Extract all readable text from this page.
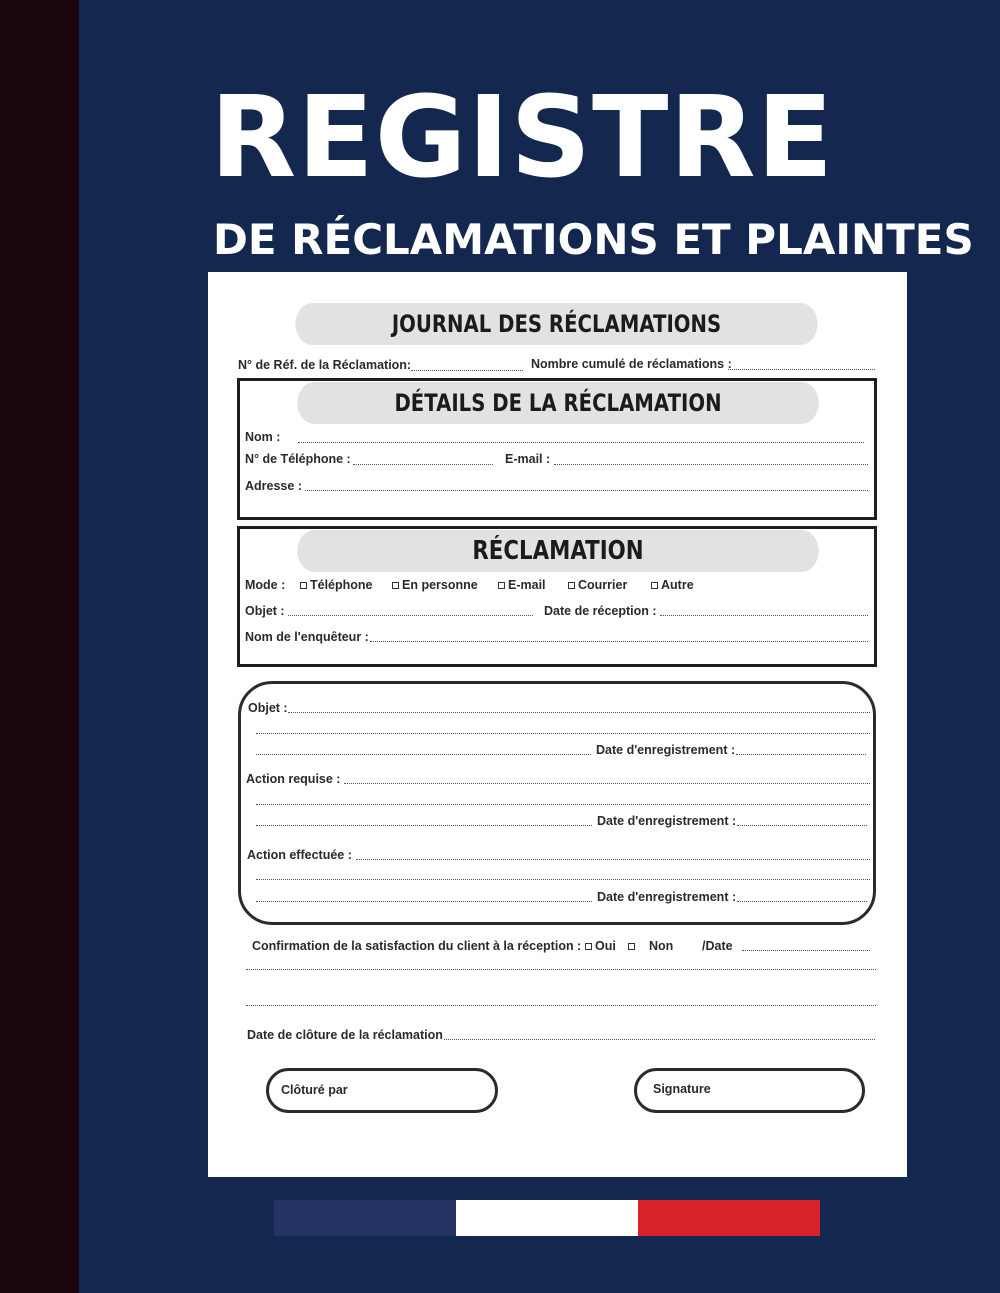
REGISTRE
DE RÉCLAMATIONS ET PLAINTES
JOURNAL DES RÉCLAMATIONS
N° de Réf. de la Réclamation:	Nombre cumulé de réclamations :
DÉTAILS DE LA RÉCLAMATION
Nom :
N° de Téléphone :	E-mail :
Adresse :
RÉCLAMATION
Mode :	Téléphone	En personne	E-mail	Courrier	Autre
Objet :	Date de réception :
Nom de l'enquêteur :
Objet :
Date d'enregistrement :
Action requise :
Date d'enregistrement :
Action effectuée :
Date d'enregistrement :
Confirmation de la satisfaction du client à la réception :	Oui	Non /Date
Date de clôture de la réclamation
Clôturé par	Signature
